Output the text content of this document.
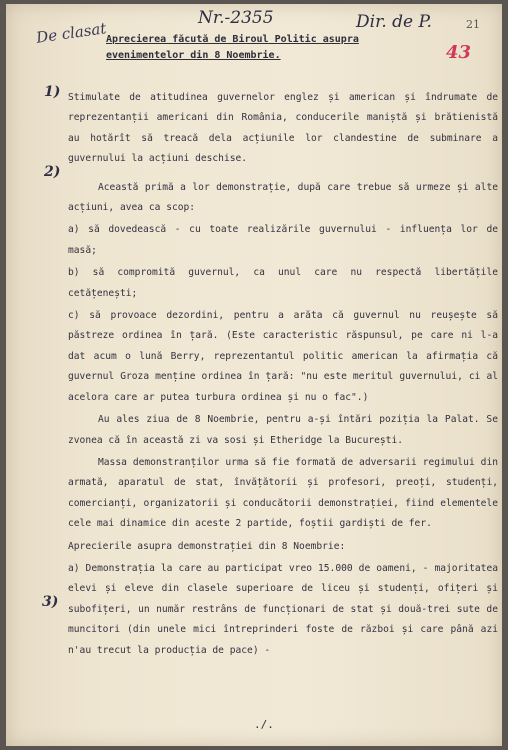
De clasat
Nr.-2355	Dir. de P.	21
43
1)
2)
3)
Aprecierea făcută de Biroul Politic asupra
evenimentelor din 8 Noembrie.

Stimulate de atitudinea guvernelor englez și american și îndrumate de reprezentanții americani din România, conducerile maniștă și brătienistă au hotărît să treacă dela acțiunile lor clandestine de subminare a guvernului la acțiuni deschise.

Această primă a lor demonstrație, după care trebue să urmeze și alte acțiuni, avea ca scop:

a) să dovedească - cu toate realizările guvernului - influența lor de masă;

b) să compromită guvernul, ca unul care nu respectă libertățile cetățenești;

c) să provoace dezordini, pentru a arăta că guvernul nu reușește să păstreze ordinea în țară. (Este caracteristic răspunsul, pe care ni l-a dat acum o lună Berry, reprezentantul politic american la afirmația că guvernul Groza menține ordinea în țară: "nu este meritul guvernului, ci al acelora care ar putea turbura ordinea și nu o fac".)

Au ales ziua de 8 Noembrie, pentru a-și întări poziția la Palat. Se zvonea că în această zi va sosi și Etheridge la București.

Massa demonstranților urma să fie formată de adversarii regimului din armată, aparatul de stat, învățătorii și profesori, preoți, studenți, comercianți, organizatorii și conducătorii demonstrației, fiind elementele cele mai dinamice din aceste 2 partide, foștii gardiști de fer.

Aprecierile asupra demonstrației din 8 Noembrie:

a) Demonstrația la care au participat vreo 15.000 de oameni, - majoritatea elevi și eleve din clasele superioare de liceu și studenți, ofițeri și subofițeri, un număr restrâns de funcționari de stat și două-trei sute de muncitori (din unele mici întreprinderi foste de război și care până azi n'au trecut la producția de pace) -

./.
